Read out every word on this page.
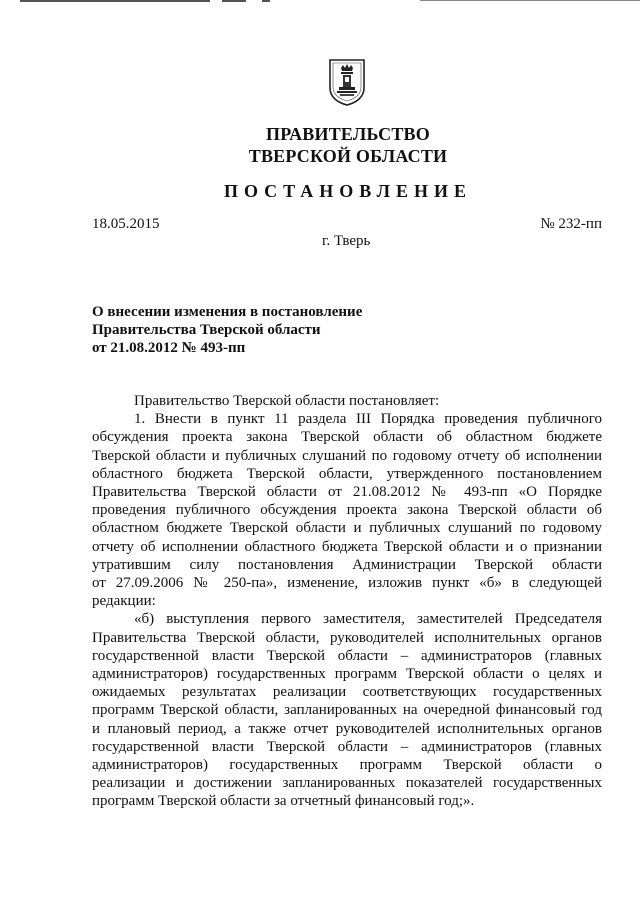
ПРАВИТЕЛЬСТВО
ТВЕРСКОЙ ОБЛАСТИ
ПОСТАНОВЛЕНИЕ
18.05.2015	№ 232-пп
г. Тверь
О внесении изменения в постановление
Правительства Тверской области
от 21.08.2012 № 493-пп
Правительство Тверской области постановляет:
1. Внести в пункт 11 раздела III Порядка проведения публичного
обсуждения проекта закона Тверской области об областном бюджете
Тверской области и публичных слушаний по годовому отчету об исполнении
областного бюджета Тверской области, утвержденного постановлением
Правительства Тверской области от 21.08.2012 № 493-пп «О Порядке
проведения публичного обсуждения проекта закона Тверской области об
областном бюджете Тверской области и публичных слушаний по годовому
отчету об исполнении областного бюджета Тверской области и о признании
утратившим силу постановления Администрации Тверской области
от 27.09.2006 № 250-па», изменение, изложив пункт «б» в следующей
редакции:
«б) выступления первого заместителя, заместителей Председателя
Правительства Тверской области, руководителей исполнительных органов
государственной власти Тверской области – администраторов (главных
администраторов) государственных программ Тверской области о целях и
ожидаемых результатах реализации соответствующих государственных
программ Тверской области, запланированных на очередной финансовый год
и плановый период, а также отчет руководителей исполнительных органов
государственной власти Тверской области – администраторов (главных
администраторов) государственных программ Тверской области о
реализации и достижении запланированных показателей государственных
программ Тверской области за отчетный финансовый год;».
